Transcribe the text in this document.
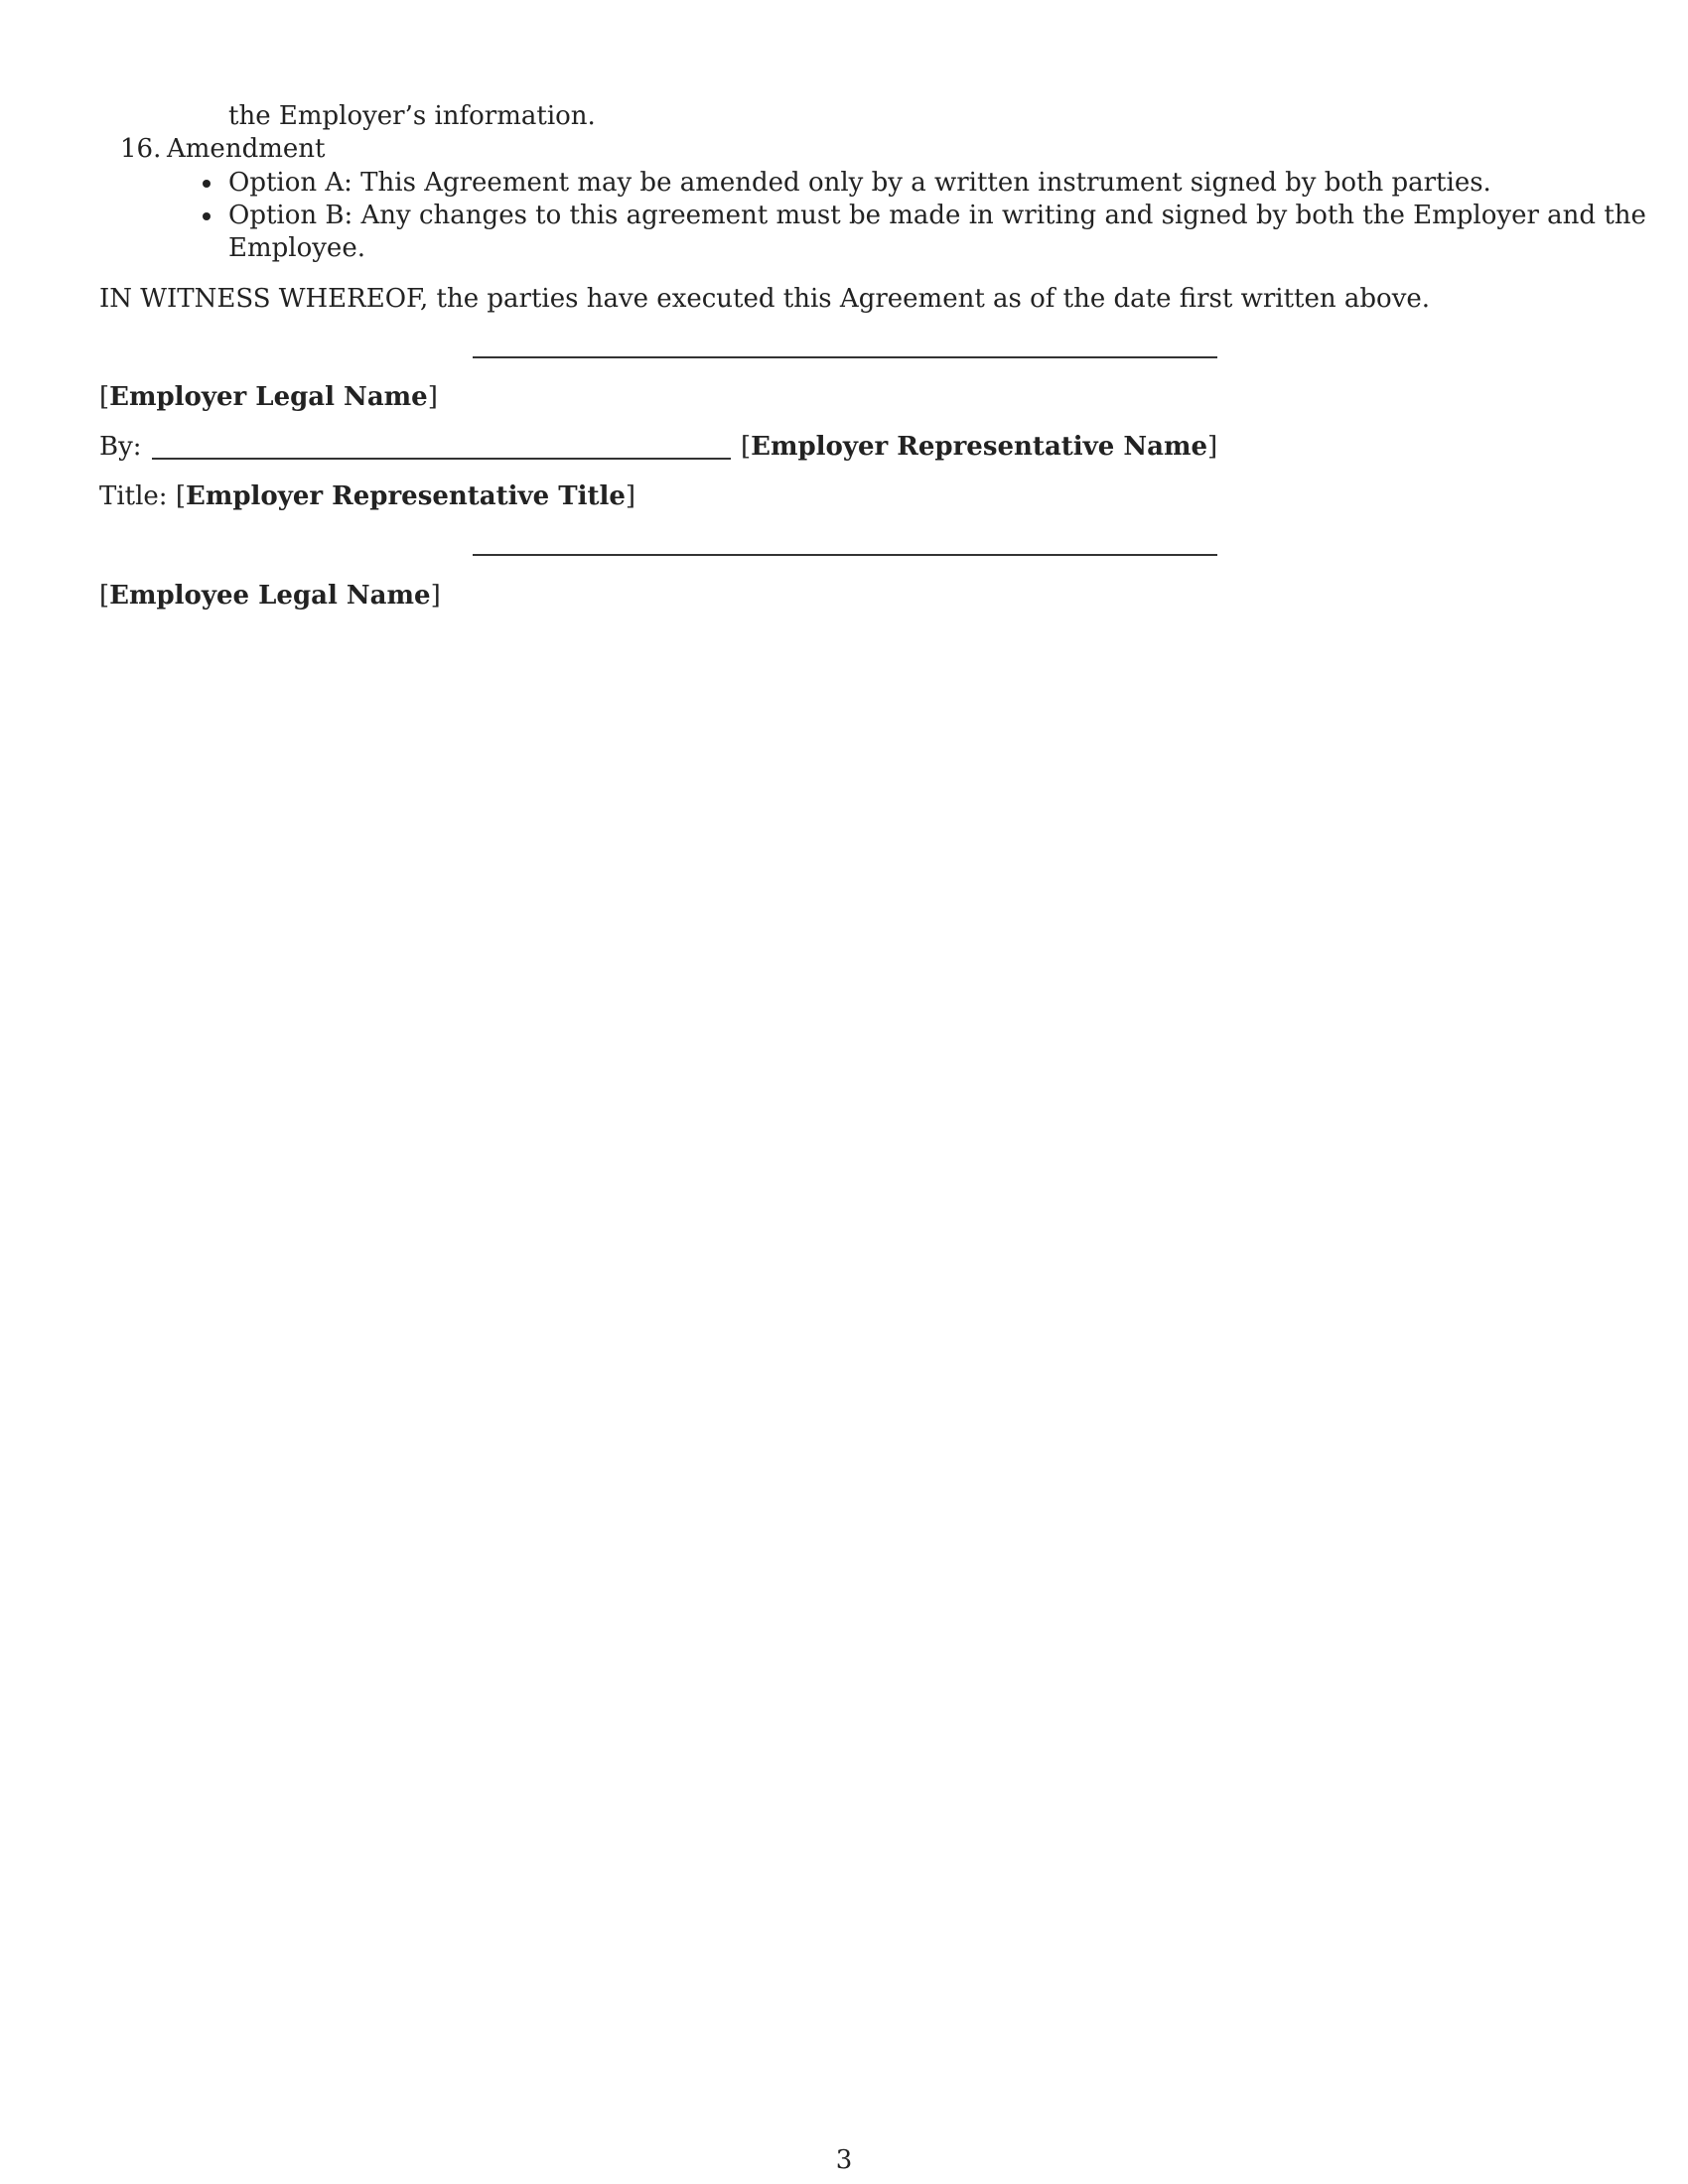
the Employer’s information.
16. Amendment
Option A: This Agreement may be amended only by a written instrument signed by both parties.
Option B: Any changes to this agreement must be made in writing and signed by both the Employer and the
Employee.
IN WITNESS WHEREOF, the parties have executed this Agreement as of the date first written above.
[Employer Legal Name]
By:	[Employer Representative Name]
Title: [Employer Representative Title]
[Employee Legal Name]
3
